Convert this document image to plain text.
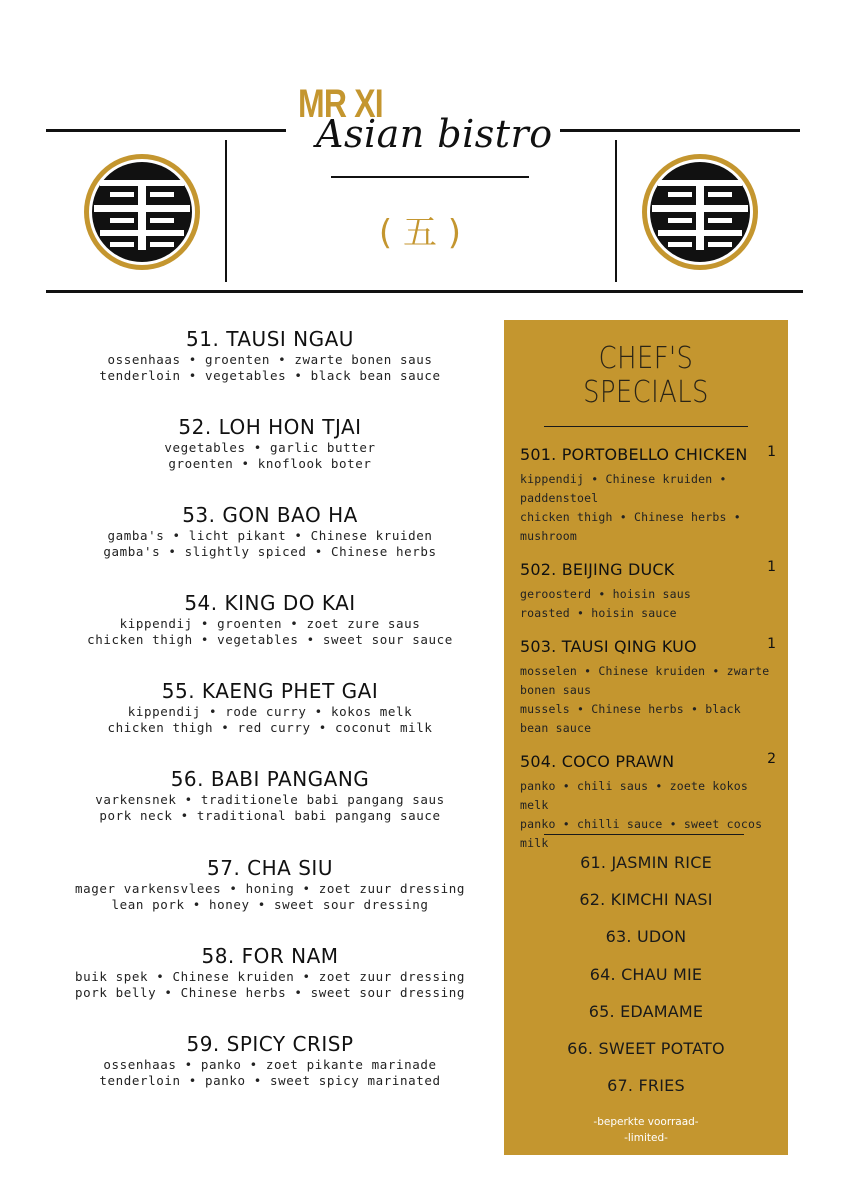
MR XI
Asian bistro
( 五 )
51. TAUSI NGAU
ossenhaas • groenten • zwarte bonen saus
tenderloin • vegetables • black bean sauce
52. LOH HON TJAI
vegetables • garlic butter
groenten • knoflook boter
53. GON BAO HA
gamba's • licht pikant • Chinese kruiden
gamba's • slightly spiced • Chinese herbs
54. KING DO KAI
kippendij • groenten • zoet zure saus
chicken thigh • vegetables • sweet sour sauce
55. KAENG PHET GAI
kippendij • rode curry • kokos melk
chicken thigh • red curry • coconut milk
56. BABI PANGANG
varkensnek • traditionele babi pangang saus
pork neck • traditional babi pangang sauce
57. CHA SIU
mager varkensvlees • honing • zoet zuur dressing
lean pork • honey • sweet sour dressing
58. FOR NAM
buik spek • Chinese kruiden • zoet zuur dressing
pork belly • Chinese herbs • sweet sour dressing
59. SPICY CRISP
ossenhaas • panko • zoet pikante marinade
tenderloin • panko • sweet spicy marinated
CHEF'S
SPECIALS
501. PORTOBELLO CHICKEN	1
kippendij • Chinese kruiden • paddenstoel
chicken thigh • Chinese herbs • mushroom
502. BEIJING DUCK	1
geroosterd • hoisin saus
roasted • hoisin sauce
503. TAUSI QING KUO	1
mosselen • Chinese kruiden • zwarte bonen saus
mussels • Chinese herbs • black bean sauce
504. COCO PRAWN	2
panko • chili saus • zoete kokos melk
panko • chilli sauce • sweet cocos milk
61. JASMIN RICE
62. KIMCHI NASI
63. UDON
64. CHAU MIE
65. EDAMAME
66. SWEET POTATO
67. FRIES
-beperkte voorraad-
-limited-
